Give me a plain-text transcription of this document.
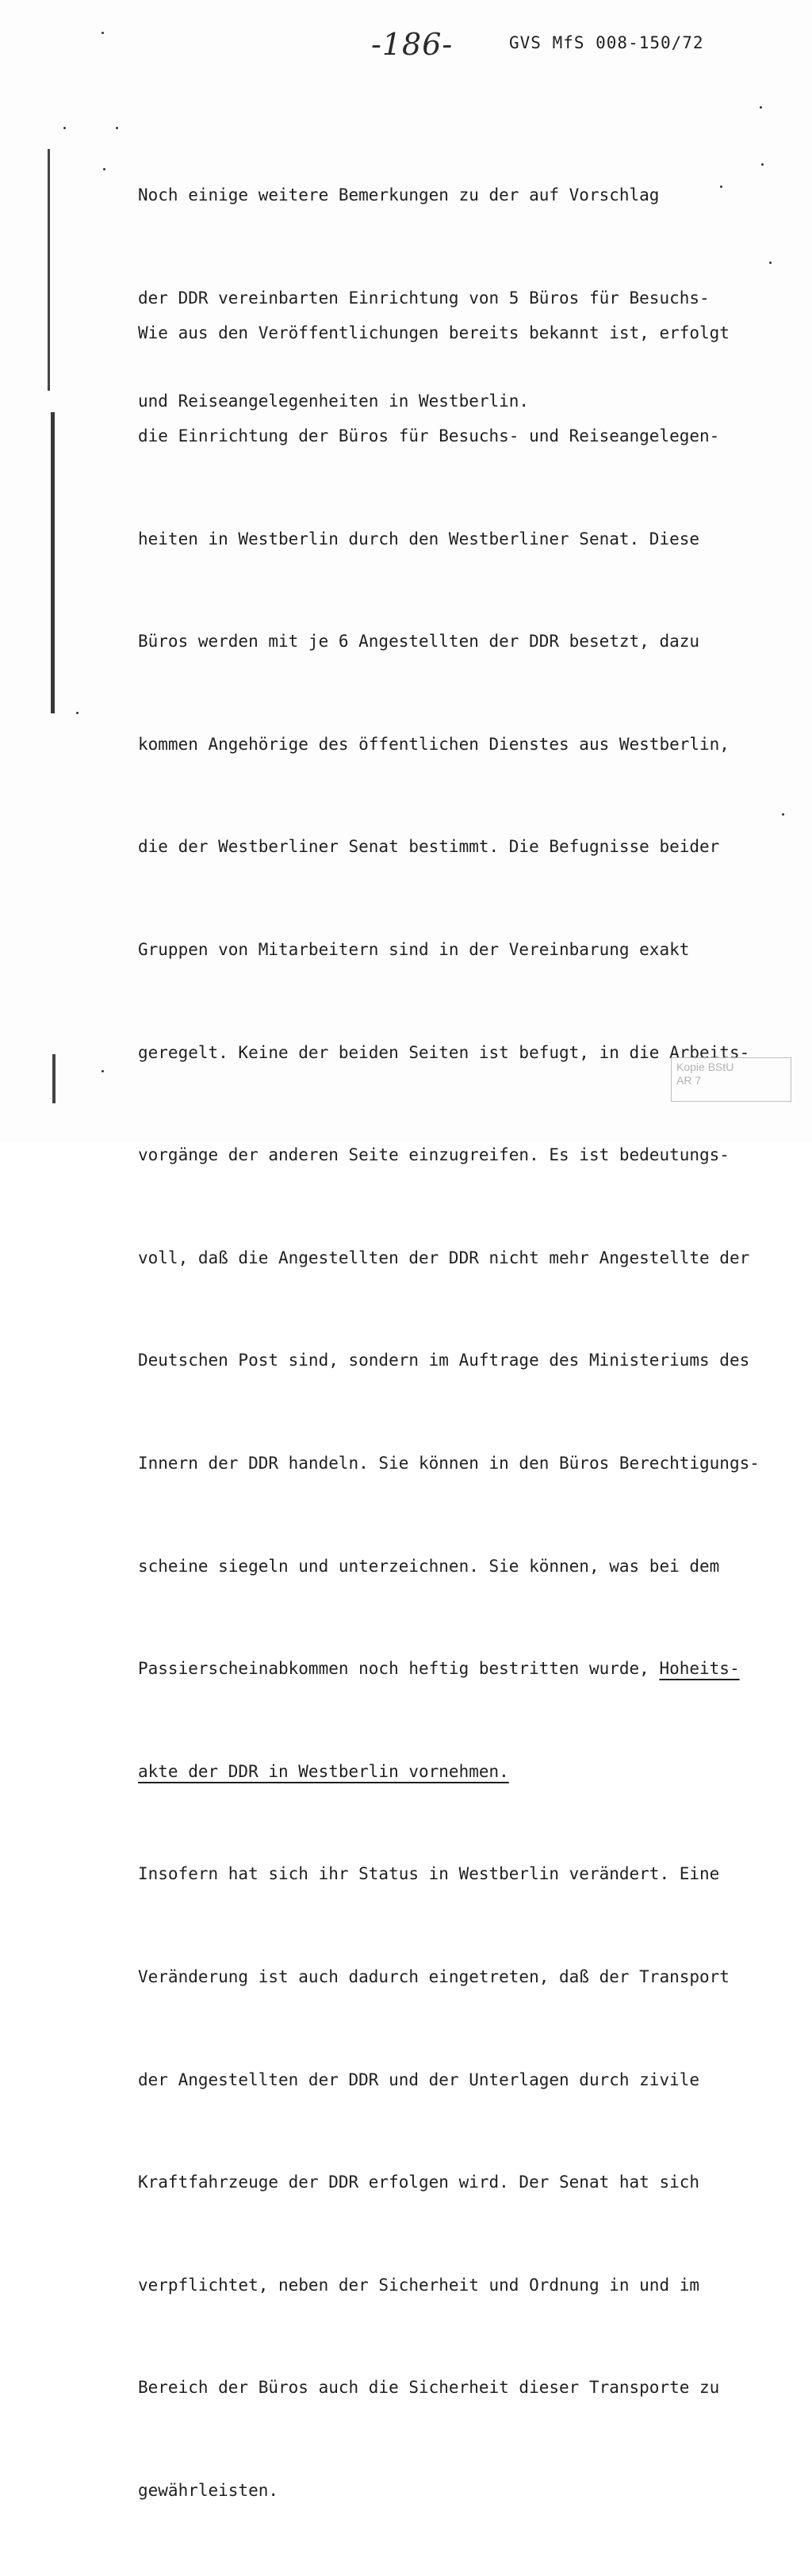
-186-	GVS MfS 008-150/72

Noch einige weitere Bemerkungen zu der auf Vorschlag

der DDR vereinbarten Einrichtung von 5 Büros für Besuchs-

und Reiseangelegenheiten in Westberlin.

Wie aus den Veröffentlichungen bereits bekannt ist, erfolgt

die Einrichtung der Büros für Besuchs- und Reiseangelegen-

heiten in Westberlin durch den Westberliner Senat. Diese

Büros werden mit je 6 Angestellten der DDR besetzt, dazu

kommen Angehörige des öffentlichen Dienstes aus Westberlin,

die der Westberliner Senat bestimmt. Die Befugnisse beider

Gruppen von Mitarbeitern sind in der Vereinbarung exakt

geregelt. Keine der beiden Seiten ist befugt, in die Arbeits-

vorgänge der anderen Seite einzugreifen. Es ist bedeutungs-

voll, daß die Angestellten der DDR nicht mehr Angestellte der

Deutschen Post sind, sondern im Auftrage des Ministeriums des

Innern der DDR handeln. Sie können in den Büros Berechtigungs-

scheine siegeln und unterzeichnen. Sie können, was bei dem

Passierscheinabkommen noch heftig bestritten wurde, Hoheits-

akte der DDR in Westberlin vornehmen.

Insofern hat sich ihr Status in Westberlin verändert. Eine

Veränderung ist auch dadurch eingetreten, daß der Transport

der Angestellten der DDR und der Unterlagen durch zivile

Kraftfahrzeuge der DDR erfolgen wird. Der Senat hat sich

verpflichtet, neben der Sicherheit und Ordnung in und im

Bereich der Büros auch die Sicherheit dieser Transporte zu

gewährleisten.

Kopie BStU
AR 7
